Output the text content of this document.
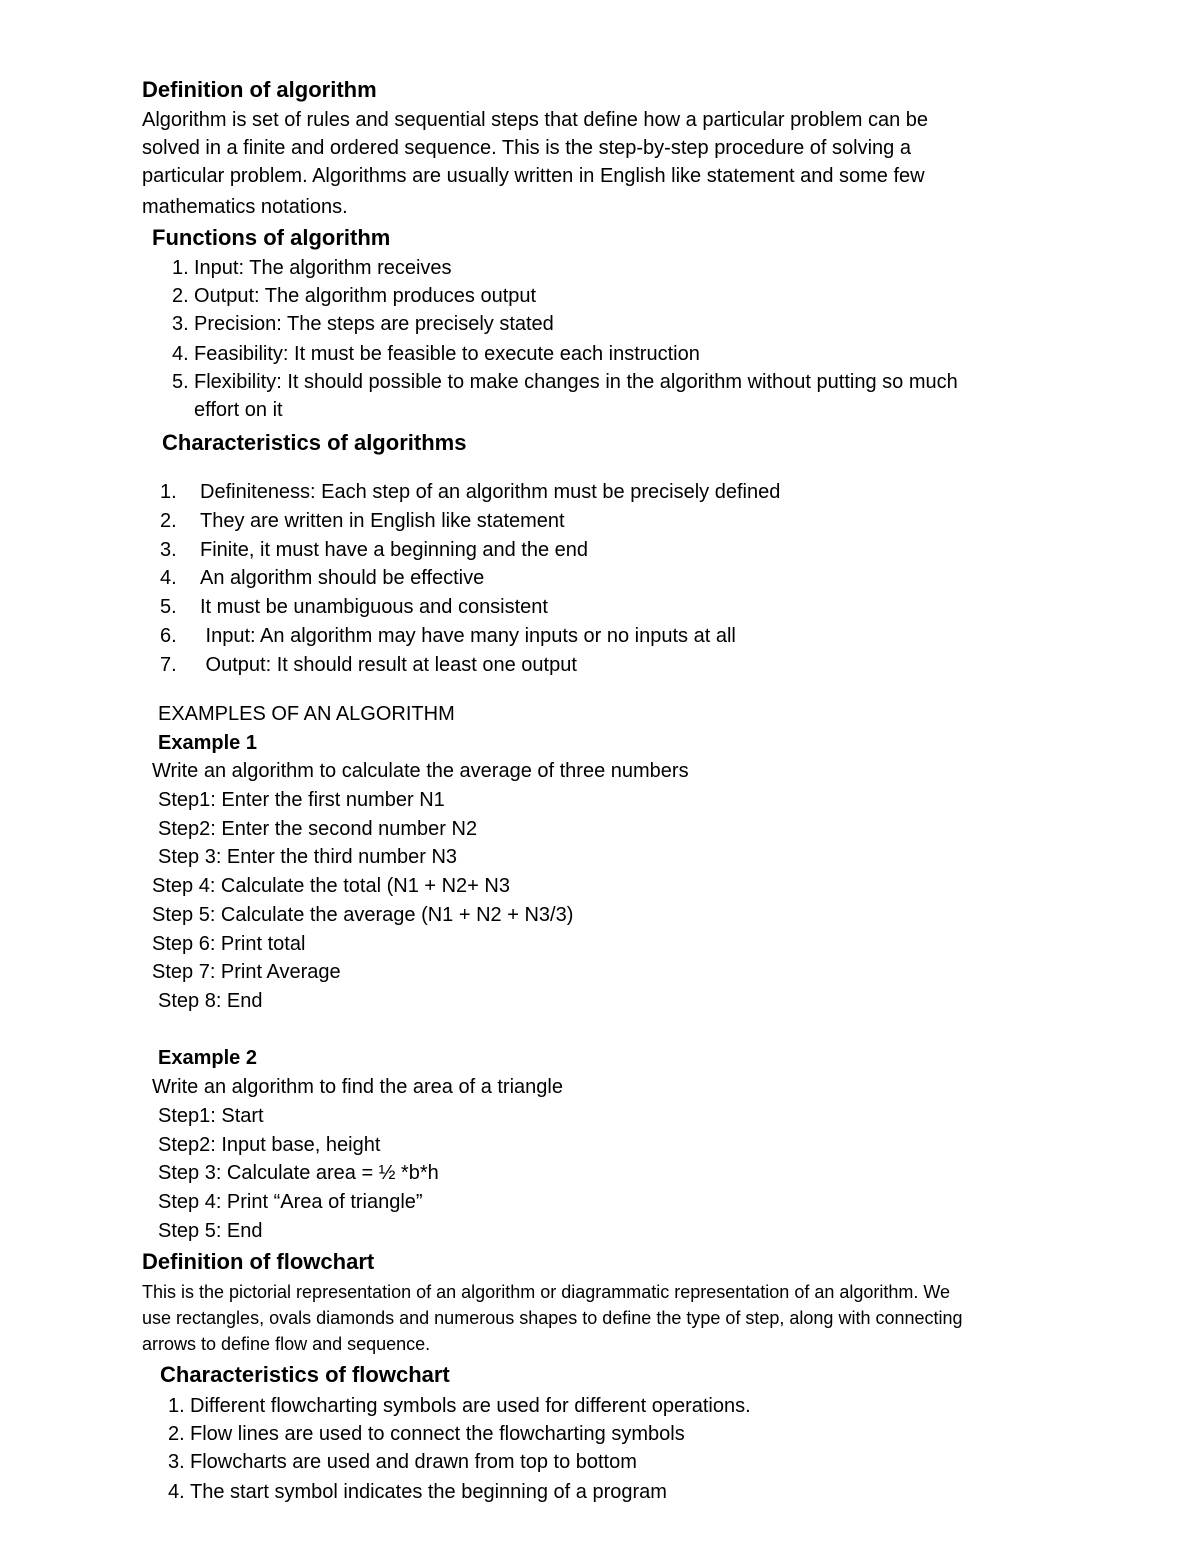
Definition of algorithm

Algorithm is set of rules and sequential steps that define how a particular problem can be

solved in a finite and ordered sequence. This is the step-by-step procedure of solving a

particular problem. Algorithms are usually written in English like statement and some few

mathematics notations.

Functions of algorithm

1. Input: The algorithm receives

2. Output: The algorithm produces output

3. Precision: The steps are precisely stated

4. Feasibility: It must be feasible to execute each instruction

5. Flexibility: It should possible to make changes in the algorithm without putting so much

effort on it

Characteristics of algorithms

1. Definiteness: Each step of an algorithm must be precisely defined

2. They are written in English like statement

3. Finite, it must have a beginning and the end

4. An algorithm should be effective

5. It must be unambiguous and consistent

6. Input: An algorithm may have many inputs or no inputs at all

7. Output: It should result at least one output

EXAMPLES OF AN ALGORITHM

Example 1

Write an algorithm to calculate the average of three numbers

Step1: Enter the first number N1

Step2: Enter the second number N2

Step 3: Enter the third number N3

Step 4: Calculate the total (N1 + N2+ N3

Step 5: Calculate the average (N1 + N2 + N3/3)

Step 6: Print total

Step 7: Print Average

Step 8: End

Example 2

Write an algorithm to find the area of a triangle

Step1: Start

Step2: Input base, height

Step 3: Calculate area = ½ *b*h

Step 4: Print “Area of triangle”

Step 5: End

Definition of flowchart

This is the pictorial representation of an algorithm or diagrammatic representation of an algorithm. We

use rectangles, ovals diamonds and numerous shapes to define the type of step, along with connecting

arrows to define flow and sequence.

Characteristics of flowchart

1. Different flowcharting symbols are used for different operations.

2. Flow lines are used to connect the flowcharting symbols

3. Flowcharts are used and drawn from top to bottom

4. The start symbol indicates the beginning of a program
